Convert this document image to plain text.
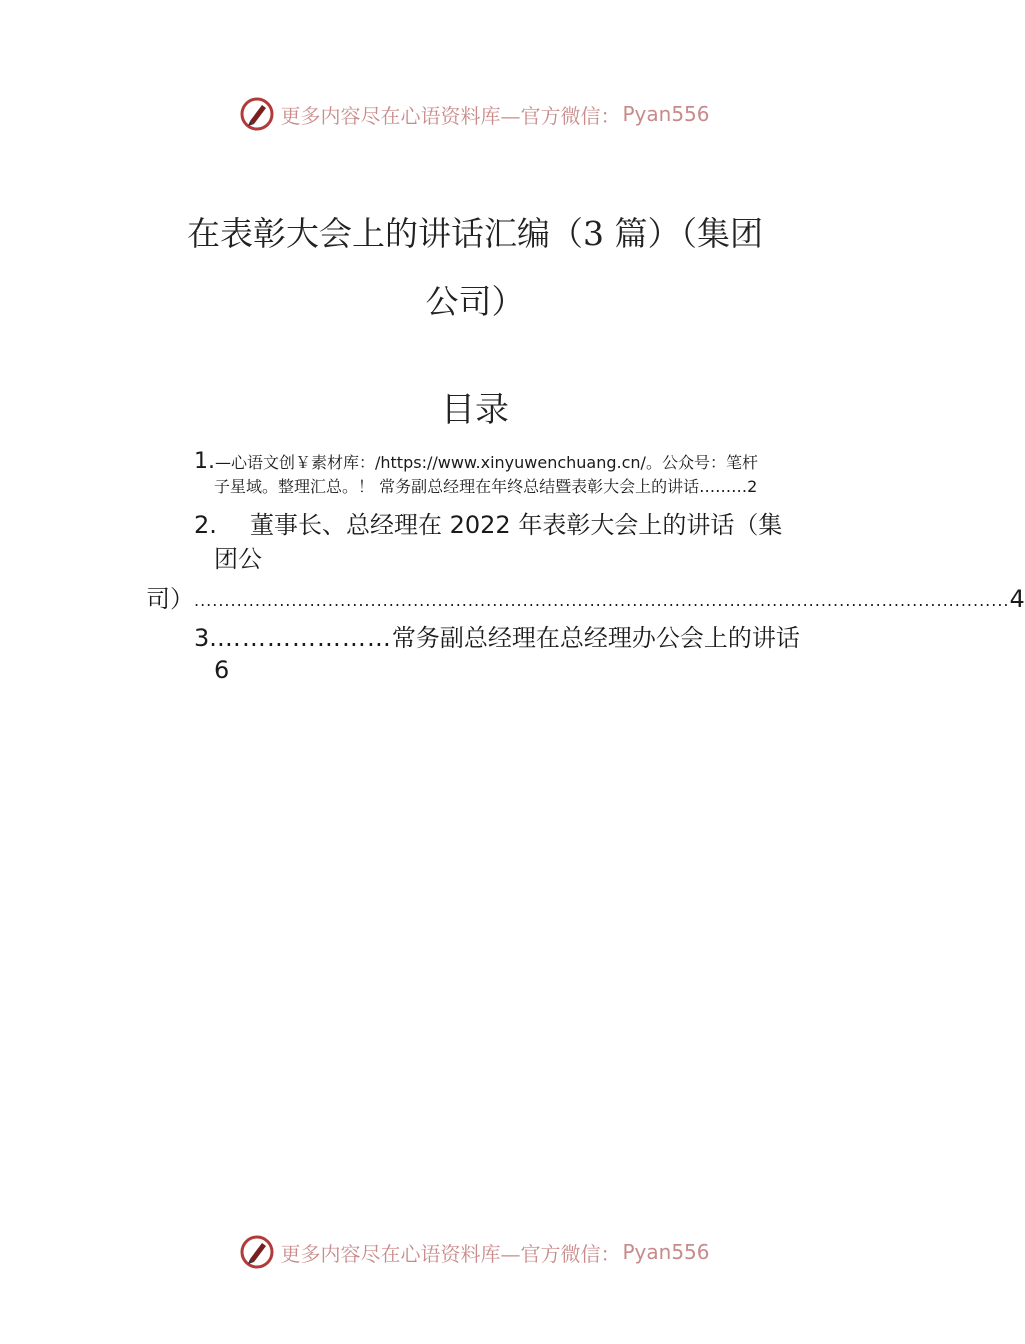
更多内容尽在心语资料库—官方微信： Pyan556
在表彰大会上的讲话汇编（3 篇）（集团
公司）
目录
1.—心语文创￥素材库：/https://www.xinyuwenchuang.cn/。公众号：笔杆
子星域。整理汇总。！ 常务副总经理在年终总结暨表彰大会上的讲话………2
2. 董事长、总经理在 2022 年表彰大会上的讲话（集
团公
司） ...................................................................................................................................... 4
3.…………………常务副总经理在总经理办公会上的讲话
6
更多内容尽在心语资料库—官方微信： Pyan556
